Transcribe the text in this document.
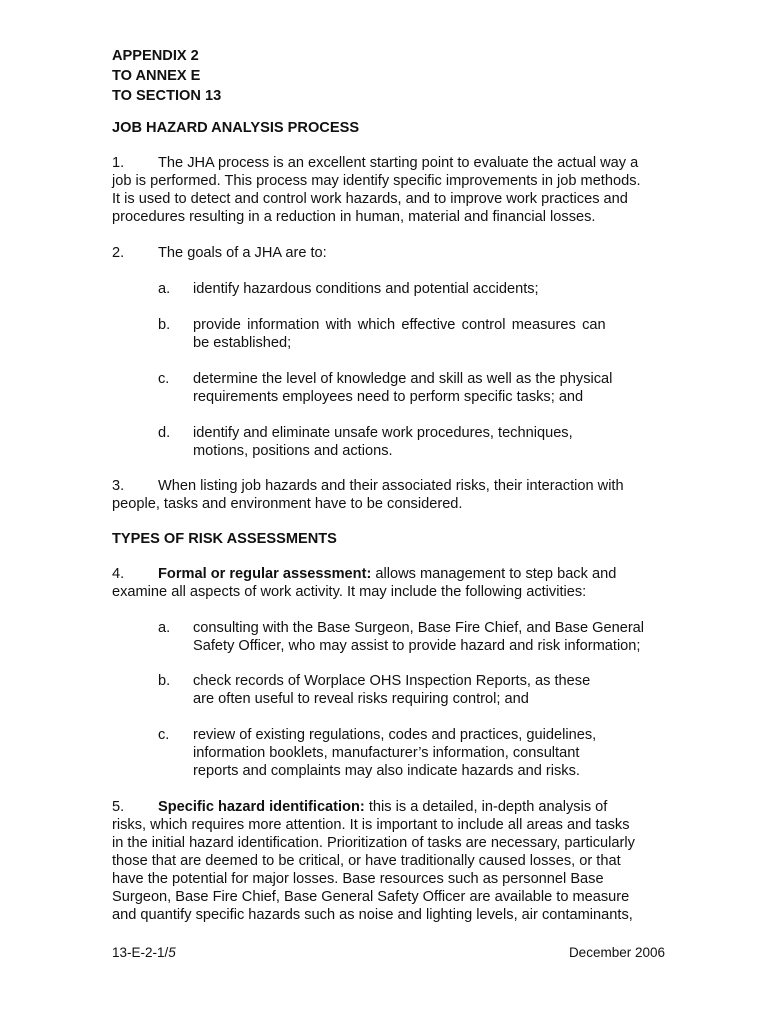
APPENDIX 2
TO ANNEX E
TO SECTION 13
JOB HAZARD ANALYSIS PROCESS
1. The JHA process is an excellent starting point to evaluate the actual way a
job is performed. This process may identify specific improvements in job methods.
It is used to detect and control work hazards, and to improve work practices and
procedures resulting in a reduction in human, material and financial losses.
2. The goals of a JHA are to:
a.	identify hazardous conditions and potential accidents;
b.	provide information with which effective control measures can
be established;
c.	determine the level of knowledge and skill as well as the physical
requirements employees need to perform specific tasks; and
d.	identify and eliminate unsafe work procedures, techniques,
motions, positions and actions.
3. When listing job hazards and their associated risks, their interaction with
people, tasks and environment have to be considered.
TYPES OF RISK ASSESSMENTS
4. Formal or regular assessment: allows management to step back and
examine all aspects of work activity. It may include the following activities:
a.	consulting with the Base Surgeon, Base Fire Chief, and Base General
Safety Officer, who may assist to provide hazard and risk information;
b.	check records of Worplace OHS Inspection Reports, as these
are often useful to reveal risks requiring control; and
c.	review of existing regulations, codes and practices, guidelines,
information booklets, manufacturer’s information, consultant
reports and complaints may also indicate hazards and risks.
5. Specific hazard identification: this is a detailed, in-depth analysis of
risks, which requires more attention. It is important to include all areas and tasks
in the initial hazard identification. Prioritization of tasks are necessary, particularly
those that are deemed to be critical, or have traditionally caused losses, or that
have the potential for major losses. Base resources such as personnel Base
Surgeon, Base Fire Chief, Base General Safety Officer are available to measure
and quantify specific hazards such as noise and lighting levels, air contaminants,
13-E-2-1/5	December 2006
